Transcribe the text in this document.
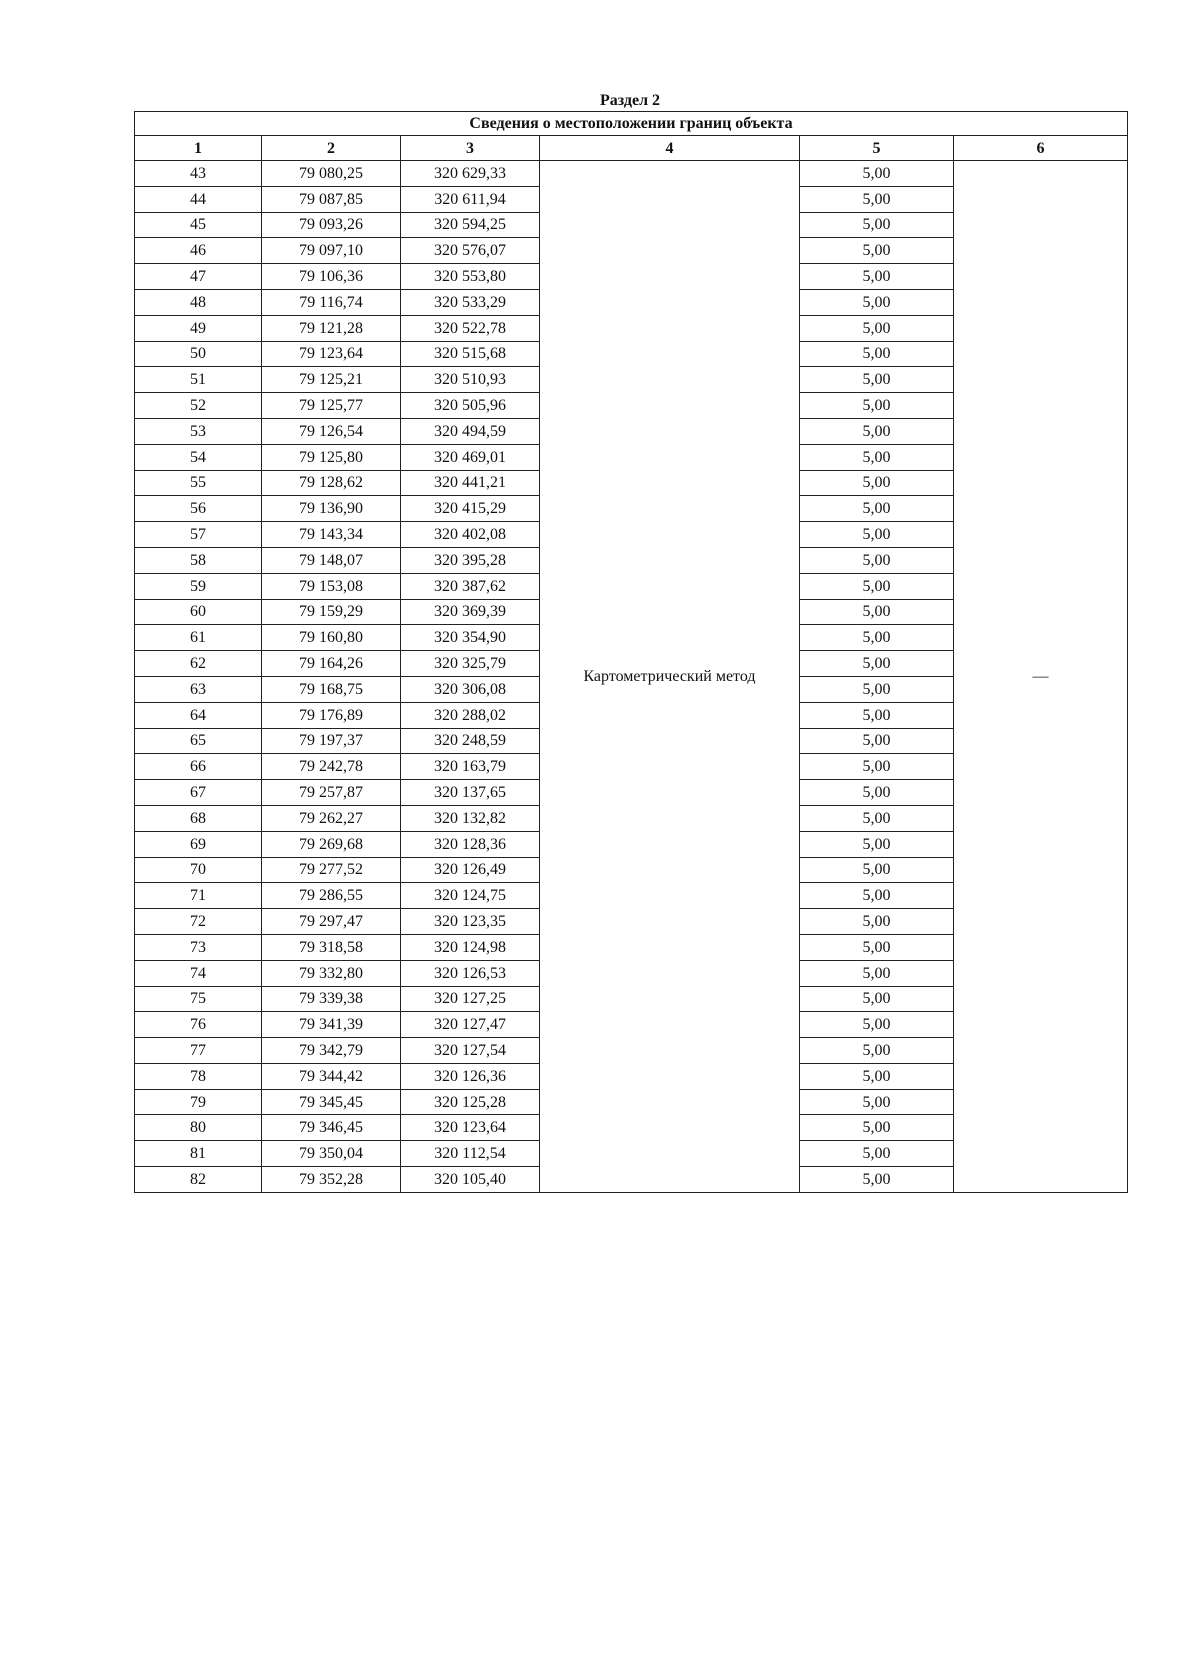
Раздел 2
Сведения о местоположении границ объекта					
1	2	3	4	5	6
43	79 080,25	320 629,33	Картометрический метод	5,00	—
44	79 087,85	320 611,94		5,00	
45	79 093,26	320 594,25		5,00	
46	79 097,10	320 576,07		5,00	
47	79 106,36	320 553,80		5,00	
48	79 116,74	320 533,29		5,00	
49	79 121,28	320 522,78		5,00	
50	79 123,64	320 515,68		5,00	
51	79 125,21	320 510,93		5,00	
52	79 125,77	320 505,96		5,00	
53	79 126,54	320 494,59		5,00	
54	79 125,80	320 469,01		5,00	
55	79 128,62	320 441,21		5,00	
56	79 136,90	320 415,29		5,00	
57	79 143,34	320 402,08		5,00	
58	79 148,07	320 395,28		5,00	
59	79 153,08	320 387,62		5,00	
60	79 159,29	320 369,39		5,00	
61	79 160,80	320 354,90		5,00	
62	79 164,26	320 325,79		5,00	
63	79 168,75	320 306,08		5,00	
64	79 176,89	320 288,02		5,00	
65	79 197,37	320 248,59		5,00	
66	79 242,78	320 163,79		5,00	
67	79 257,87	320 137,65		5,00	
68	79 262,27	320 132,82		5,00	
69	79 269,68	320 128,36		5,00	
70	79 277,52	320 126,49		5,00	
71	79 286,55	320 124,75		5,00	
72	79 297,47	320 123,35		5,00	
73	79 318,58	320 124,98		5,00	
74	79 332,80	320 126,53		5,00	
75	79 339,38	320 127,25		5,00	
76	79 341,39	320 127,47		5,00	
77	79 342,79	320 127,54		5,00	
78	79 344,42	320 126,36		5,00	
79	79 345,45	320 125,28		5,00	
80	79 346,45	320 123,64		5,00	
81	79 350,04	320 112,54		5,00	
82	79 352,28	320 105,40		5,00	
